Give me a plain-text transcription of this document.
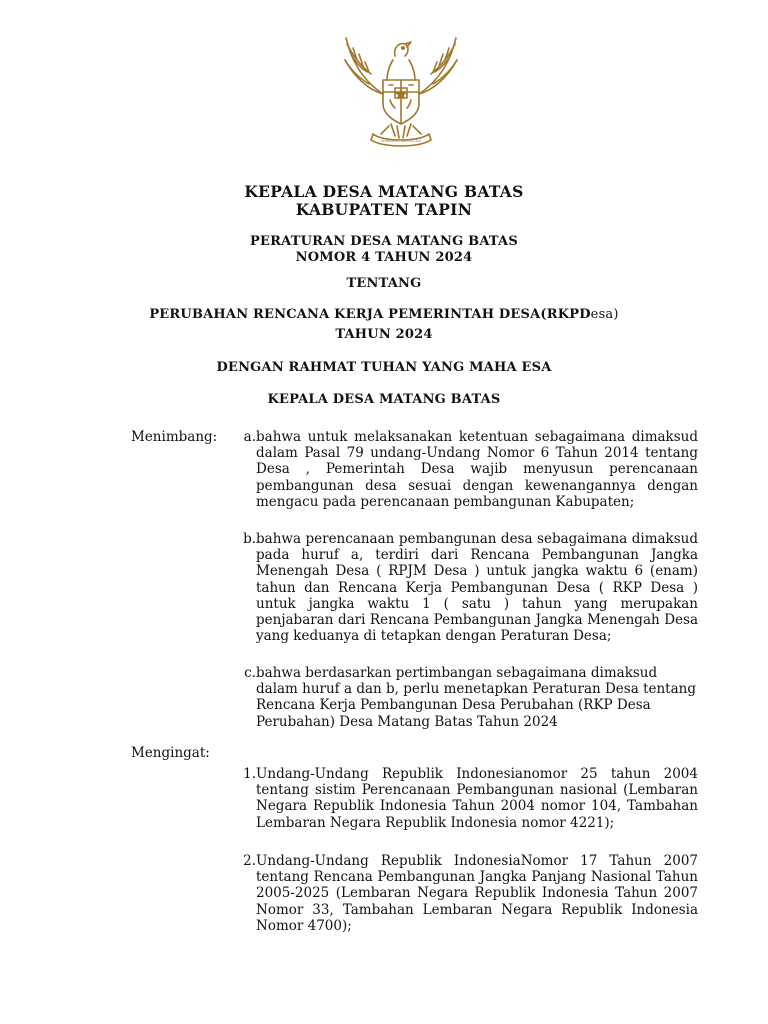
BHINNEKA TUNGGAL IKA
KEPALA DESA MATANG BATAS
KABUPATEN TAPIN
PERATURAN DESA MATANG BATAS
NOMOR 4 TAHUN 2024
TENTANG
PERUBAHAN RENCANA KERJA PEMERINTAH DESA(RKPDesa)
TAHUN 2024
DENGAN RAHMAT TUHAN YANG MAHA ESA
KEPALA DESA MATANG BATAS
Menimbang:	a. bahwa untuk melaksanakan ketentuan sebagaimana dimaksud dalam Pasal 79 undang-Undang Nomor 6 Tahun 2014 tentang Desa , Pemerintah Desa wajib menyusun perencanaan pembangunan desa sesuai dengan kewenangannya dengan mengacu pada perencanaan pembangunan Kabupaten;
b. bahwa perencanaan pembangunan desa sebagaimana dimaksud pada huruf a, terdiri dari Rencana Pembangunan Jangka Menengah Desa ( RPJM Desa ) untuk jangka waktu 6 (enam) tahun dan Rencana Kerja Pembangunan Desa ( RKP Desa ) untuk jangka waktu 1 ( satu ) tahun yang merupakan penjabaran dari Rencana Pembangunan Jangka Menengah Desa yang keduanya di tetapkan dengan Peraturan Desa;
c. bahwa berdasarkan pertimbangan sebagaimana dimaksud dalam huruf a dan b, perlu menetapkan Peraturan Desa tentang Rencana Kerja Pembangunan Desa Perubahan (RKP Desa Perubahan) Desa Matang Batas Tahun 2024
Mengingat:
1. Undang-Undang Republik Indonesianomor 25 tahun 2004 tentang sistim Perencanaan Pembangunan nasional (Lembaran Negara Republik Indonesia Tahun 2004 nomor 104, Tambahan Lembaran Negara Republik Indonesia nomor 4221);
2. Undang-Undang Republik IndonesiaNomor 17 Tahun 2007 tentang Rencana Pembangunan Jangka Panjang Nasional Tahun 2005-2025 (Lembaran Negara Republik Indonesia Tahun 2007 Nomor 33, Tambahan Lembaran Negara Republik Indonesia Nomor 4700);
